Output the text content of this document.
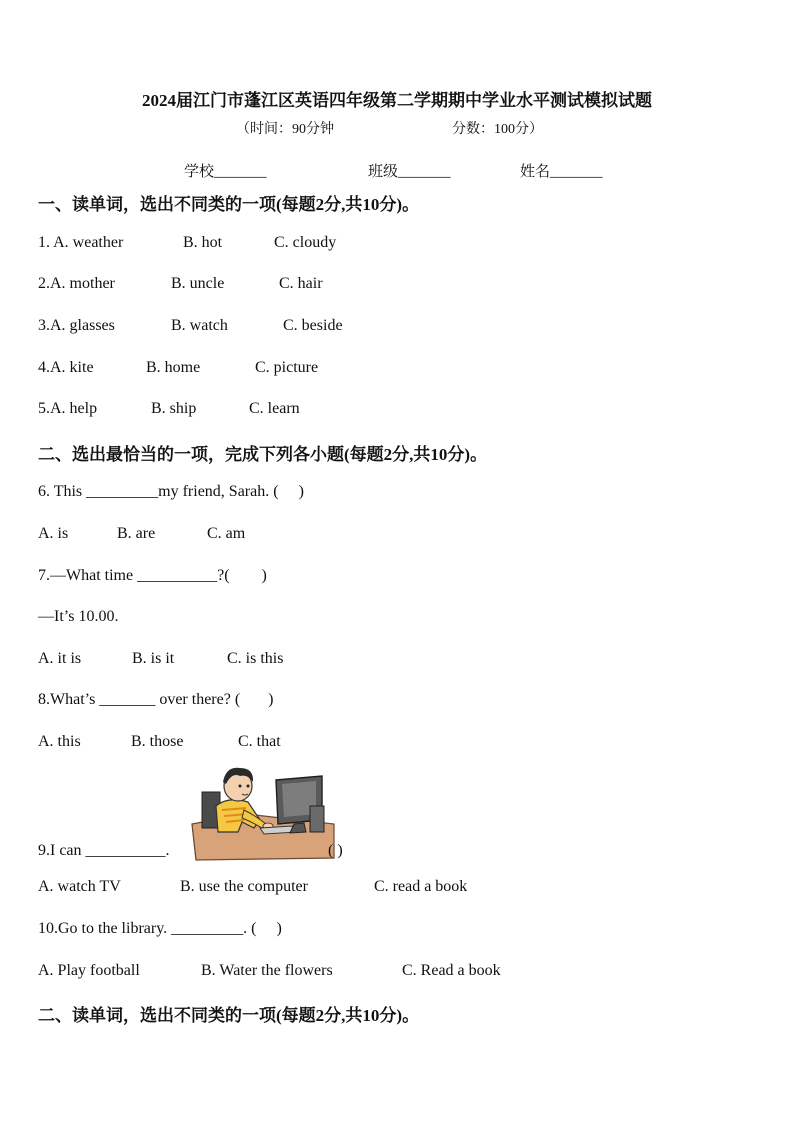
2024届江门市蓬江区英语四年级第二学期期中学业水平测试模拟试题
（时间：90分钟	分数：100分）
学校_______	班级_______	姓名_______
一、读单词，选出不同类的一项(每题2分,共10分)。
1. A. weather	B. hot	C. cloudy
2.A. mother	B. uncle	C. hair
3.A. glasses	B. watch	C. beside
4.A. kite	B. home	C. picture
5.A. help	B. ship	C. learn
二、选出最恰当的一项，完成下列各小题(每题2分,共10分)。
6. This _________my friend, Sarah. (     )
A. is	B. are	C. am
7.—What time __________?(        )
—It’s 10.00.
A. it is	B. is it	C. is this
8.What’s _______ over there? (       )
A. this	B. those	C. that
9.I can __________.	( )
A. watch TV	B. use the computer	C. read a book
10.Go to the library. _________. (     )
A. Play football	B. Water the flowers	C. Read a book
二、读单词，选出不同类的一项(每题2分,共10分)。
